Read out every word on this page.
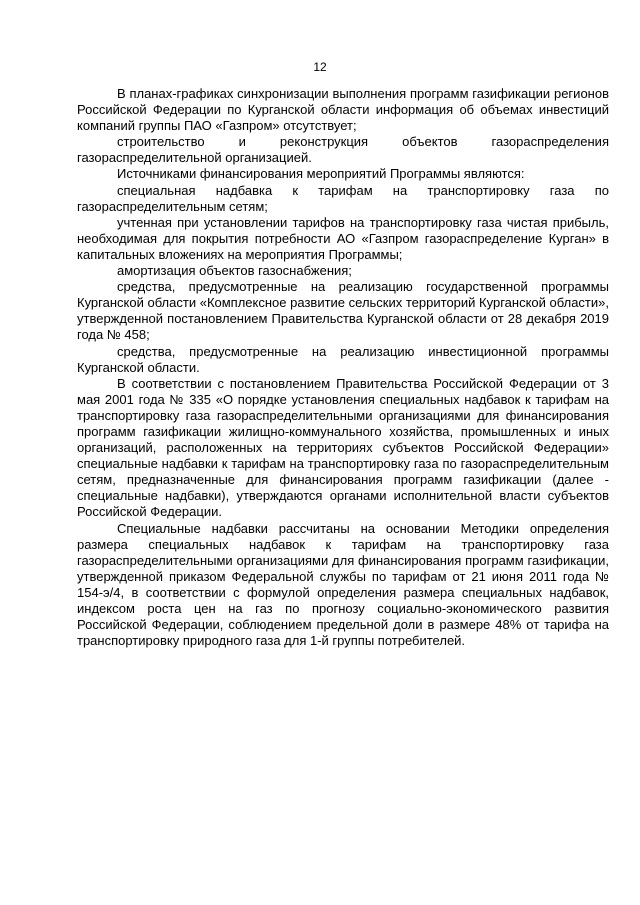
12

В планах-графиках синхронизации выполнения программ газификации регионов Российской Федерации по Курганской области информация об объемах инвестиций компаний группы ПАО «Газпром» отсутствует;

строительство и реконструкция объектов газораспределения газораспределительной организацией.

Источниками финансирования мероприятий Программы являются:

специальная надбавка к тарифам на транспортировку газа по газораспределительным сетям;

учтенная при установлении тарифов на транспортировку газа чистая прибыль, необходимая для покрытия потребности АО «Газпром газораспределение Курган» в капитальных вложениях на мероприятия Программы;

амортизация объектов газоснабжения;

средства, предусмотренные на реализацию государственной программы Курганской области «Комплексное развитие сельских территорий Курганской области», утвержденной постановлением Правительства Курганской области от 28 декабря 2019 года № 458;

средства, предусмотренные на реализацию инвестиционной программы Курганской области.

В соответствии с постановлением Правительства Российской Федерации от 3 мая 2001 года № 335 «О порядке установления специальных надбавок к тарифам на транспортировку газа газораспределительными организациями для финансирования программ газификации жилищно-коммунального хозяйства, промышленных и иных организаций, расположенных на территориях субъектов Российской Федерации» специальные надбавки к тарифам на транспортировку газа по газораспределительным сетям, предназначенные для финансирования программ газификации (далее - специальные надбавки), утверждаются органами исполнительной власти субъектов Российской Федерации.

Специальные надбавки рассчитаны на основании Методики определения размера специальных надбавок к тарифам на транспортировку газа газораспределительными организациями для финансирования программ газификации, утвержденной приказом Федеральной службы по тарифам от 21 июня 2011 года № 154-э/4, в соответствии с формулой определения размера специальных надбавок, индексом роста цен на газ по прогнозу социально-экономического развития Российской Федерации, соблюдением предельной доли в размере 48% от тарифа на транспортировку природного газа для 1-й группы потребителей.
